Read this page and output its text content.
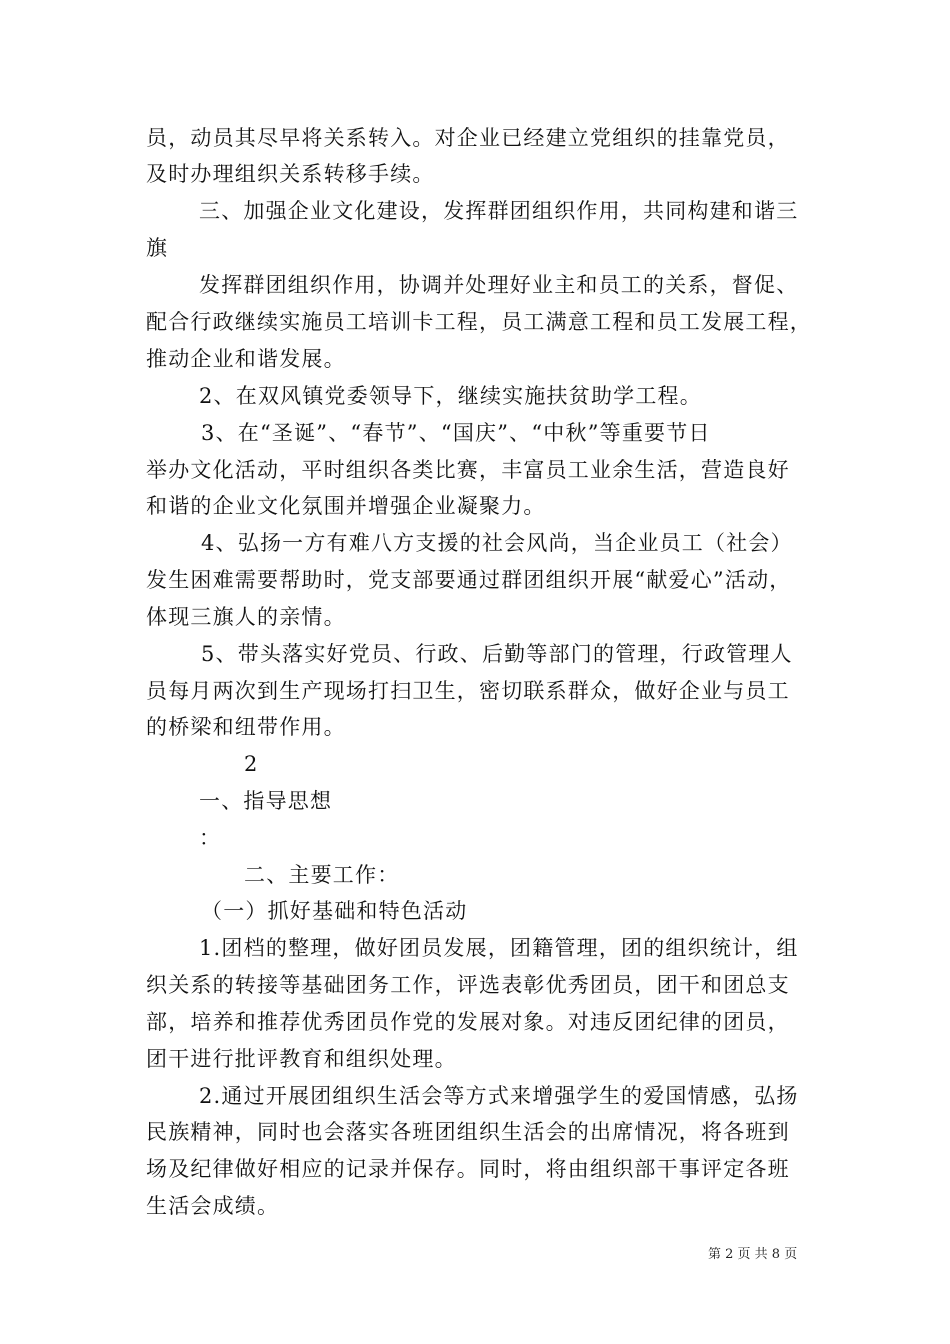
员，动员其尽早将关系转入。对企业已经建立党组织的挂靠党员，
及时办理组织关系转移手续。
三、加强企业文化建设，发挥群团组织作用，共同构建和谐三
旗
发挥群团组织作用，协调并处理好业主和员工的关系，督促、
配合行政继续实施员工培训卡工程，员工满意工程和员工发展工程，
推动企业和谐发展。
2、在双风镇党委领导下，继续实施扶贫助学工程。
3、在“圣诞”、“春节”、“国庆”、“中秋”等重要节日
举办文化活动，平时组织各类比赛，丰富员工业余生活，营造良好
和谐的企业文化氛围并增强企业凝聚力。
4、弘扬一方有难八方支援的社会风尚，当企业员工（社会）
发生困难需要帮助时，党支部要通过群团组织开展“献爱心”活动，
体现三旗人的亲情。
5、带头落实好党员、行政、后勤等部门的管理，行政管理人
员每月两次到生产现场打扫卫生，密切联系群众，做好企业与员工
的桥梁和纽带作用。
2
一、指导思想
：
二、主要工作：
（一）抓好基础和特色活动
1.团档的整理，做好团员发展，团籍管理，团的组织统计，组
织关系的转接等基础团务工作，评选表彰优秀团员，团干和团总支
部，培养和推荐优秀团员作党的发展对象。对违反团纪律的团员，
团干进行批评教育和组织处理。
2.通过开展团组织生活会等方式来增强学生的爱国情感，弘扬
民族精神，同时也会落实各班团组织生活会的出席情况，将各班到
场及纪律做好相应的记录并保存。同时，将由组织部干事评定各班
生活会成绩。
第 2 页 共 8 页
